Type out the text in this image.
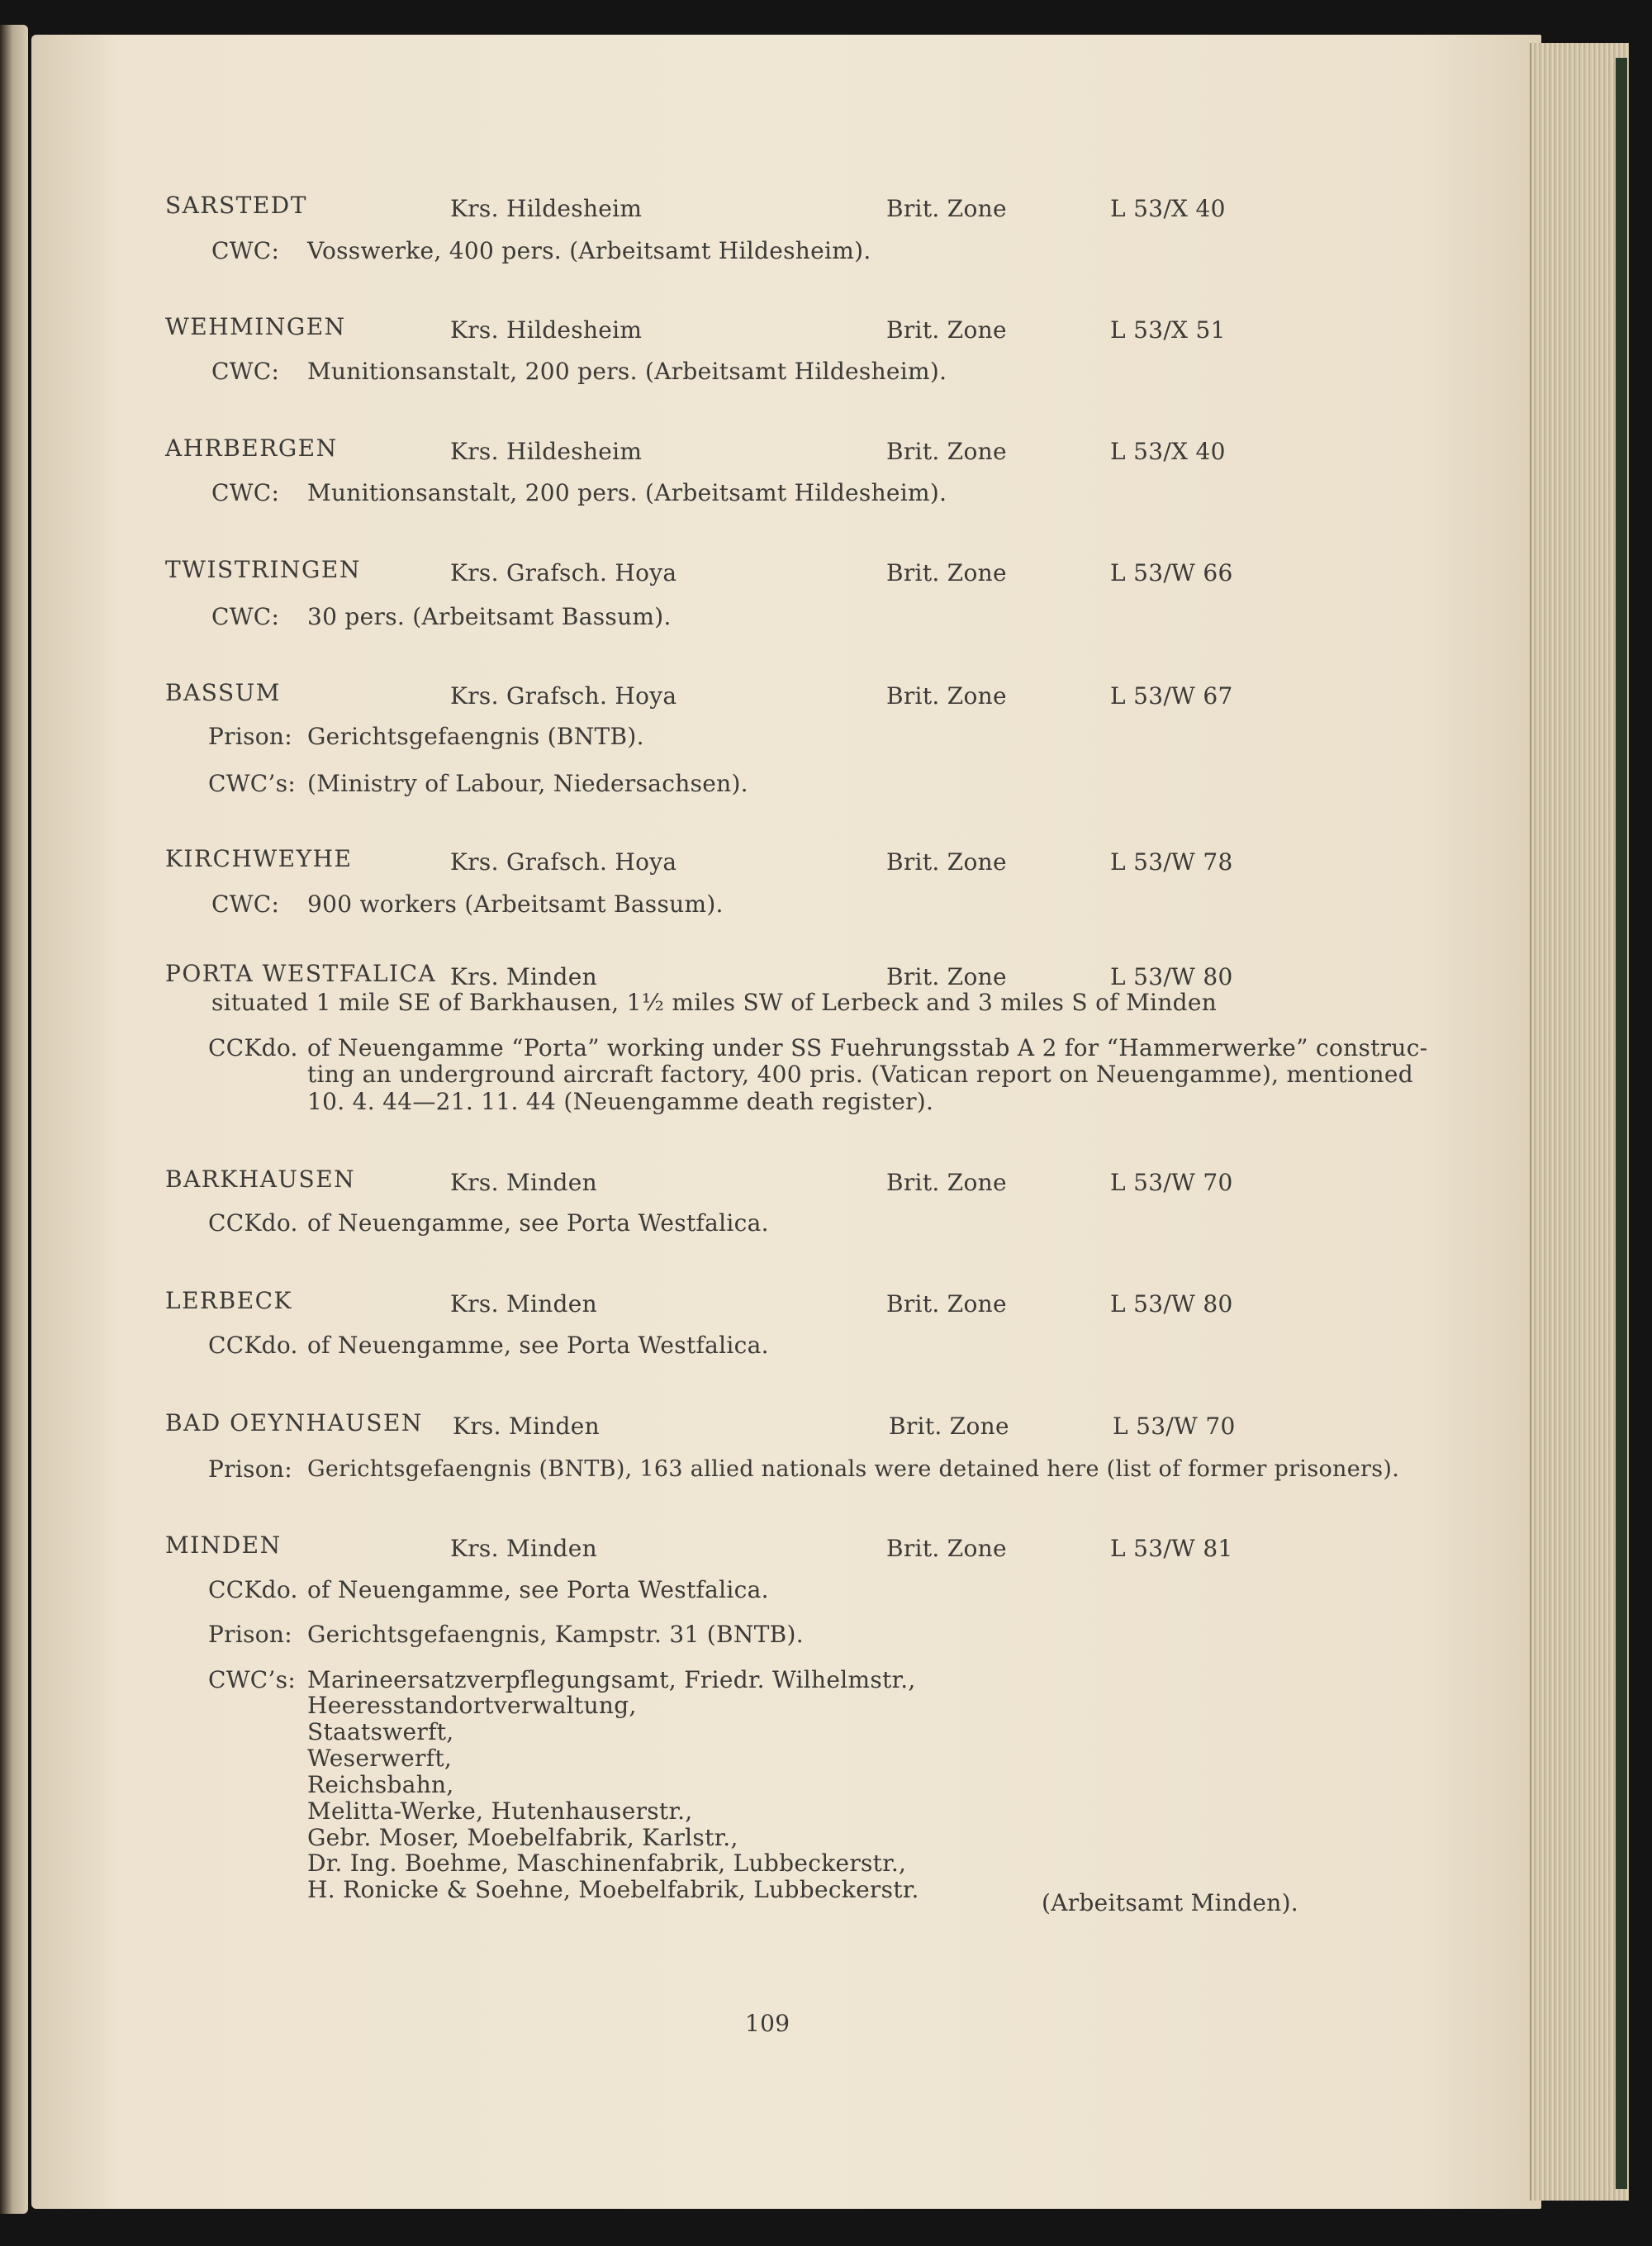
SARSTEDT	Krs. Hildesheim	Brit. Zone	L 53/X 40
CWC: Vosswerke, 400 pers. (Arbeitsamt Hildesheim).
WEHMINGEN	Krs. Hildesheim	Brit. Zone	L 53/X 51
CWC: Munitionsanstalt, 200 pers. (Arbeitsamt Hildesheim).
AHRBERGEN	Krs. Hildesheim	Brit. Zone	L 53/X 40
CWC: Munitionsanstalt, 200 pers. (Arbeitsamt Hildesheim).
TWISTRINGEN	Krs. Grafsch. Hoya	Brit. Zone	L 53/W 66
CWC: 30 pers. (Arbeitsamt Bassum).
BASSUM	Krs. Grafsch. Hoya	Brit. Zone	L 53/W 67
Prison: Gerichtsgefaengnis (BNTB).
CWC’s: (Ministry of Labour, Niedersachsen).
KIRCHWEYHE	Krs. Grafsch. Hoya	Brit. Zone	L 53/W 78
CWC: 900 workers (Arbeitsamt Bassum).
PORTA WESTFALICA Krs. Minden	Brit. Zone	L 53/W 80
situated 1 mile SE of Barkhausen, 1½ miles SW of Lerbeck and 3 miles S of Minden
CCKdo. of Neuengamme “Porta” working under SS Fuehrungsstab A 2 for “Hammerwerke” construc-
ting an underground aircraft factory, 400 pris. (Vatican report on Neuengamme), mentioned
10. 4. 44—21. 11. 44 (Neuengamme death register).
BARKHAUSEN	Krs. Minden	Brit. Zone	L 53/W 70
CCKdo. of Neuengamme, see Porta Westfalica.
LERBECK	Krs. Minden	Brit. Zone	L 53/W 80
CCKdo. of Neuengamme, see Porta Westfalica.
BAD OEYNHAUSEN Krs. Minden	Brit. Zone	L 53/W 70
Prison: Gerichtsgefaengnis (BNTB), 163 allied nationals were detained here (list of former prisoners).
MINDEN	Krs. Minden	Brit. Zone	L 53/W 81
CCKdo. of Neuengamme, see Porta Westfalica.
Prison: Gerichtsgefaengnis, Kampstr. 31 (BNTB).
CWC’s: Marineersatzverpflegungsamt, Friedr. Wilhelmstr.,
Heeresstandortverwaltung,
Staatswerft,
Weserwerft,
Reichsbahn,
Melitta-Werke, Hutenhauserstr.,
Gebr. Moser, Moebelfabrik, Karlstr.,
Dr. Ing. Boehme, Maschinenfabrik, Lubbeckerstr.,
H. Ronicke & Soehne, Moebelfabrik, Lubbeckerstr.	(Arbeitsamt Minden).
109
